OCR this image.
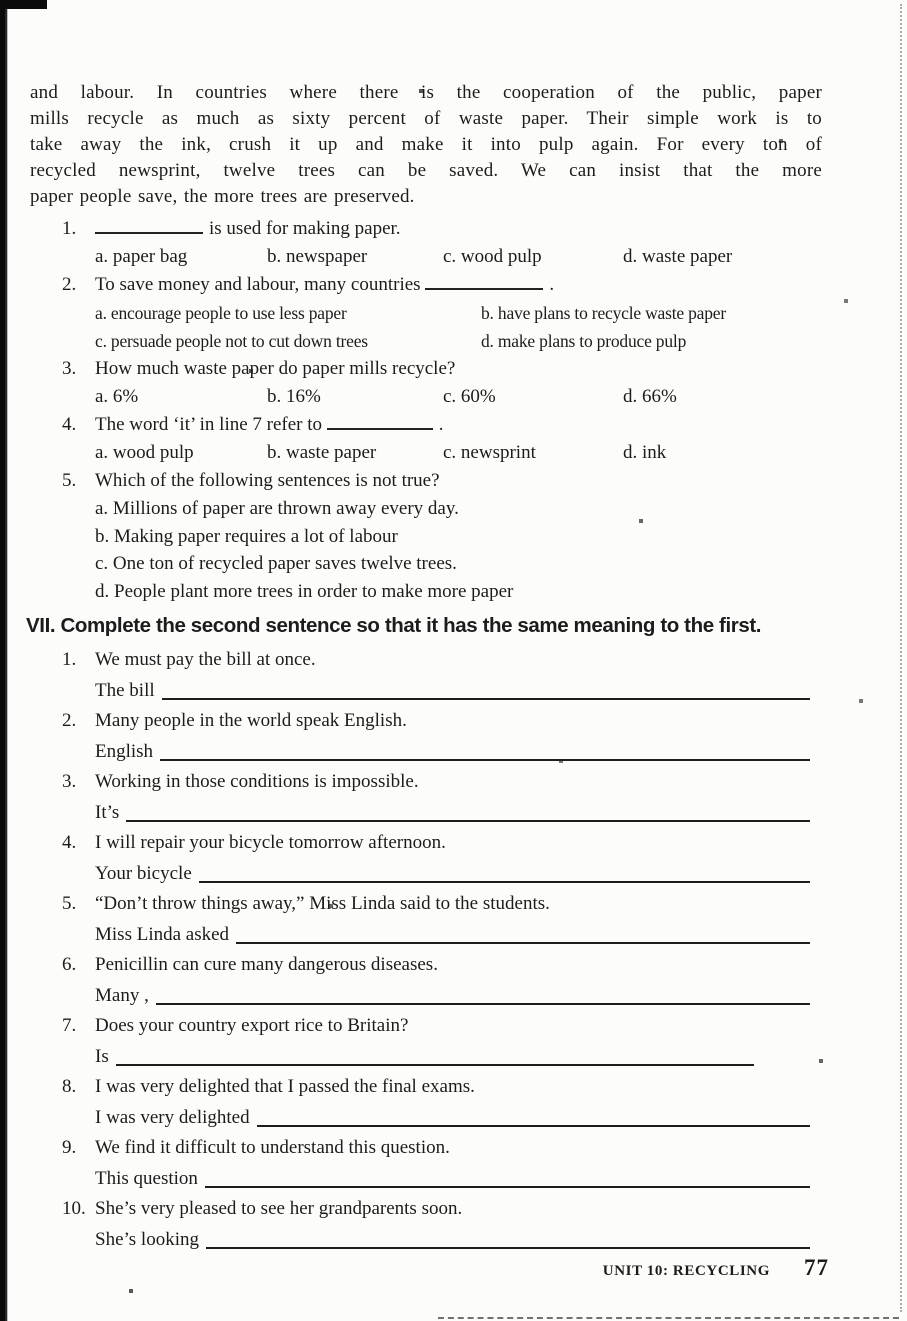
and labour. In countries where there is the cooperation of the public, paper
mills recycle as much as sixty percent of waste paper. Their simple work is to
take away the ink, crush it up and make it into pulp again. For every ton of
recycled newsprint, twelve trees can be saved. We can insist that the more
paper people save, the more trees are preserved.
1.	is used for making paper.
a. paper bag	b. newspaper	c. wood pulp	d. waste paper
2. To save money and labour, many countries	.
a. encourage people to use less paper	b. have plans to recycle waste paper
c. persuade people not to cut down trees	d. make plans to produce pulp
3. How much waste paper do paper mills recycle?
a. 6%	b. 16%	c. 60%	d. 66%
4. The word ‘it’ in line 7 refer to	.
a. wood pulp	b. waste paper	c. newsprint	d. ink
5. Which of the following sentences is not true?
a. Millions of paper are thrown away every day.
b. Making paper requires a lot of labour
c. One ton of recycled paper saves twelve trees.
d. People plant more trees in order to make more paper
VII. Complete the second sentence so that it has the same meaning to the first.
1. We must pay the bill at once.
The bill
2. Many people in the world speak English.
English
3. Working in those conditions is impossible.
It’s
4. I will repair your bicycle tomorrow afternoon.
Your bicycle
5. “Don’t throw things away,” Miss Linda said to the students.
Miss Linda asked
6. Penicillin can cure many dangerous diseases.
Many ,
7. Does your country export rice to Britain?
Is
8. I was very delighted that I passed the final exams.
I was very delighted
9. We find it difficult to understand this question.
This question
10. She’s very pleased to see her grandparents soon.
She’s looking
UNIT 10: RECYCLING 77
